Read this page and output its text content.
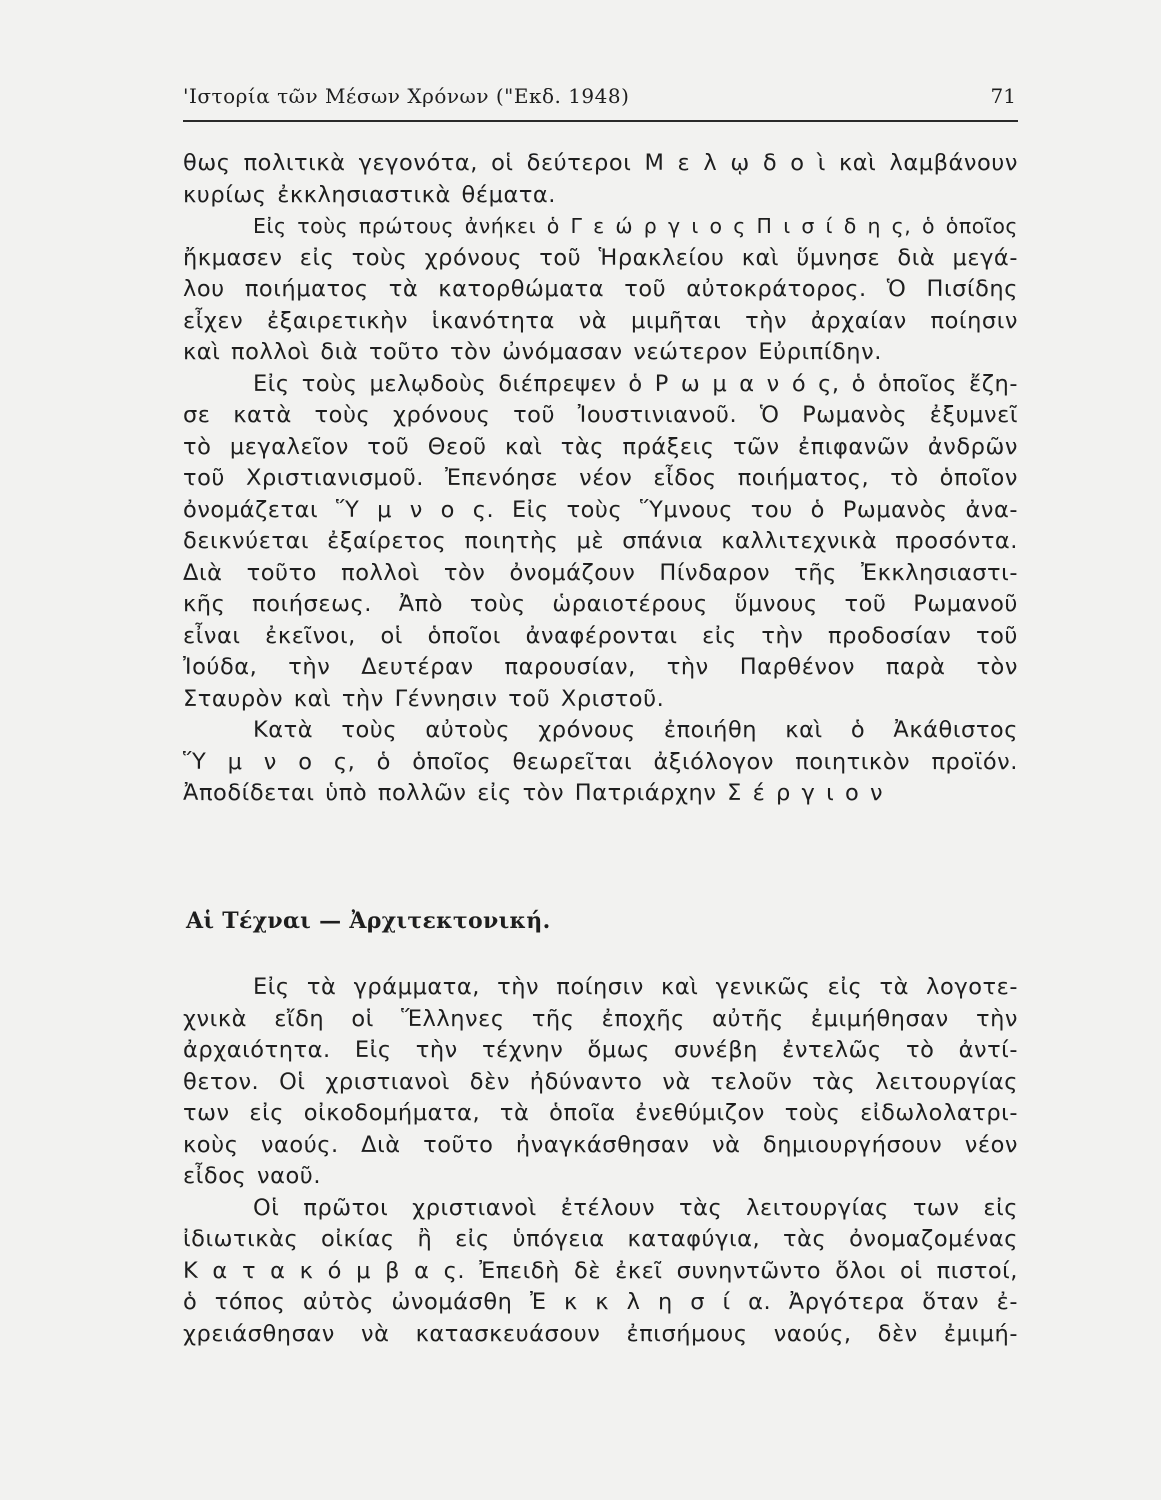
'Ιστορία τῶν Μέσων Χρόνων ("Εκδ. 1948)	71
θως πολιτικὰ γεγονότα, οἱ δεύτεροι Μ ε λ ῳ δ ο ὶ καὶ λαμβάνουν
κυρίως ἐκκλησιαστικὰ θέματα.
Εἰς τοὺς πρώτους ἀνήκει ὁ Γ ε ώ ρ γ ι ο ς Π ι σ ί δ η ς, ὁ ὁποῖος
ἤκμασεν εἰς τοὺς χρόνους τοῦ Ἡρακλείου καὶ ὕμνησε διὰ μεγά-
λου ποιήματος τὰ κατορθώματα τοῦ αὐτοκράτορος. Ὁ Πισίδης
εἶχεν ἐξαιρετικὴν ἱκανότητα νὰ μιμῆται τὴν ἀρχαίαν ποίησιν
καὶ πολλοὶ διὰ τοῦτο τὸν ὠνόμασαν νεώτερον Εὐριπίδην.
Εἰς τοὺς μελῳδοὺς διέπρεψεν ὁ Ρ ω μ α ν ό ς, ὁ ὁποῖος ἔζη-
σε κατὰ τοὺς χρόνους τοῦ Ἰουστινιανοῦ. Ὁ Ρωμανὸς ἐξυμνεῖ
τὸ μεγαλεῖον τοῦ Θεοῦ καὶ τὰς πράξεις τῶν ἐπιφανῶν ἀνδρῶν
τοῦ Χριστιανισμοῦ. Ἐπενόησε νέον εἶδος ποιήματος, τὸ ὁποῖον
ὀνομάζεται Ὕ μ ν ο ς. Εἰς τοὺς Ὕμνους του ὁ Ρωμανὸς ἀνα-
δεικνύεται ἐξαίρετος ποιητὴς μὲ σπάνια καλλιτεχνικὰ προσόντα.
Διὰ τοῦτο πολλοὶ τὸν ὀνομάζουν Πίνδαρον τῆς Ἐκκλησιαστι-
κῆς ποιήσεως. Ἀπὸ τοὺς ὡραιοτέρους ὕμνους τοῦ Ρωμανοῦ
εἶναι ἐκεῖνοι, οἱ ὁποῖοι ἀναφέρονται εἰς τὴν προδοσίαν τοῦ
Ἰούδα, τὴν Δευτέραν παρουσίαν, τὴν Παρθένον παρὰ τὸν
Σταυρὸν καὶ τὴν Γέννησιν τοῦ Χριστοῦ.
Κατὰ τοὺς αὐτοὺς χρόνους ἐποιήθη καὶ ὁ Ἀκάθιστος
Ὕ μ ν ο ς, ὁ ὁποῖος θεωρεῖται ἀξιόλογον ποιητικὸν προϊόν.
Ἀποδίδεται ὑπὸ πολλῶν εἰς τὸν Πατριάρχην Σ έ ρ γ ι ο ν
Αἱ Τέχναι — Ἀρχιτεκτονική.
Εἰς τὰ γράμματα, τὴν ποίησιν καὶ γενικῶς εἰς τὰ λογοτε-
χνικὰ εἴδη οἱ Ἕλληνες τῆς ἐποχῆς αὐτῆς ἐμιμήθησαν τὴν
ἀρχαιότητα. Εἰς τὴν τέχνην ὅμως συνέβη ἐντελῶς τὸ ἀντί-
θετον. Οἱ χριστιανοὶ δὲν ἠδύναντο νὰ τελοῦν τὰς λειτουργίας
των εἰς οἰκοδομήματα, τὰ ὁποῖα ἐνεθύμιζον τοὺς εἰδωλολατρι-
κοὺς ναούς. Διὰ τοῦτο ἠναγκάσθησαν νὰ δημιουργήσουν νέον
εἶδος ναοῦ.
Οἱ πρῶτοι χριστιανοὶ ἐτέλουν τὰς λειτουργίας των εἰς
ἰδιωτικὰς οἰκίας ἢ εἰς ὑπόγεια καταφύγια, τὰς ὀνομαζομένας
Κ α τ α κ ό μ β α ς. Ἐπειδὴ δὲ ἐκεῖ συνηντῶντο ὅλοι οἱ πιστοί,
ὁ τόπος αὐτὸς ὠνομάσθη Ἐ κ κ λ η σ ί α. Ἀργότερα ὅταν ἐ-
χρειάσθησαν νὰ κατασκευάσουν ἐπισήμους ναούς, δὲν ἐμιμή-
